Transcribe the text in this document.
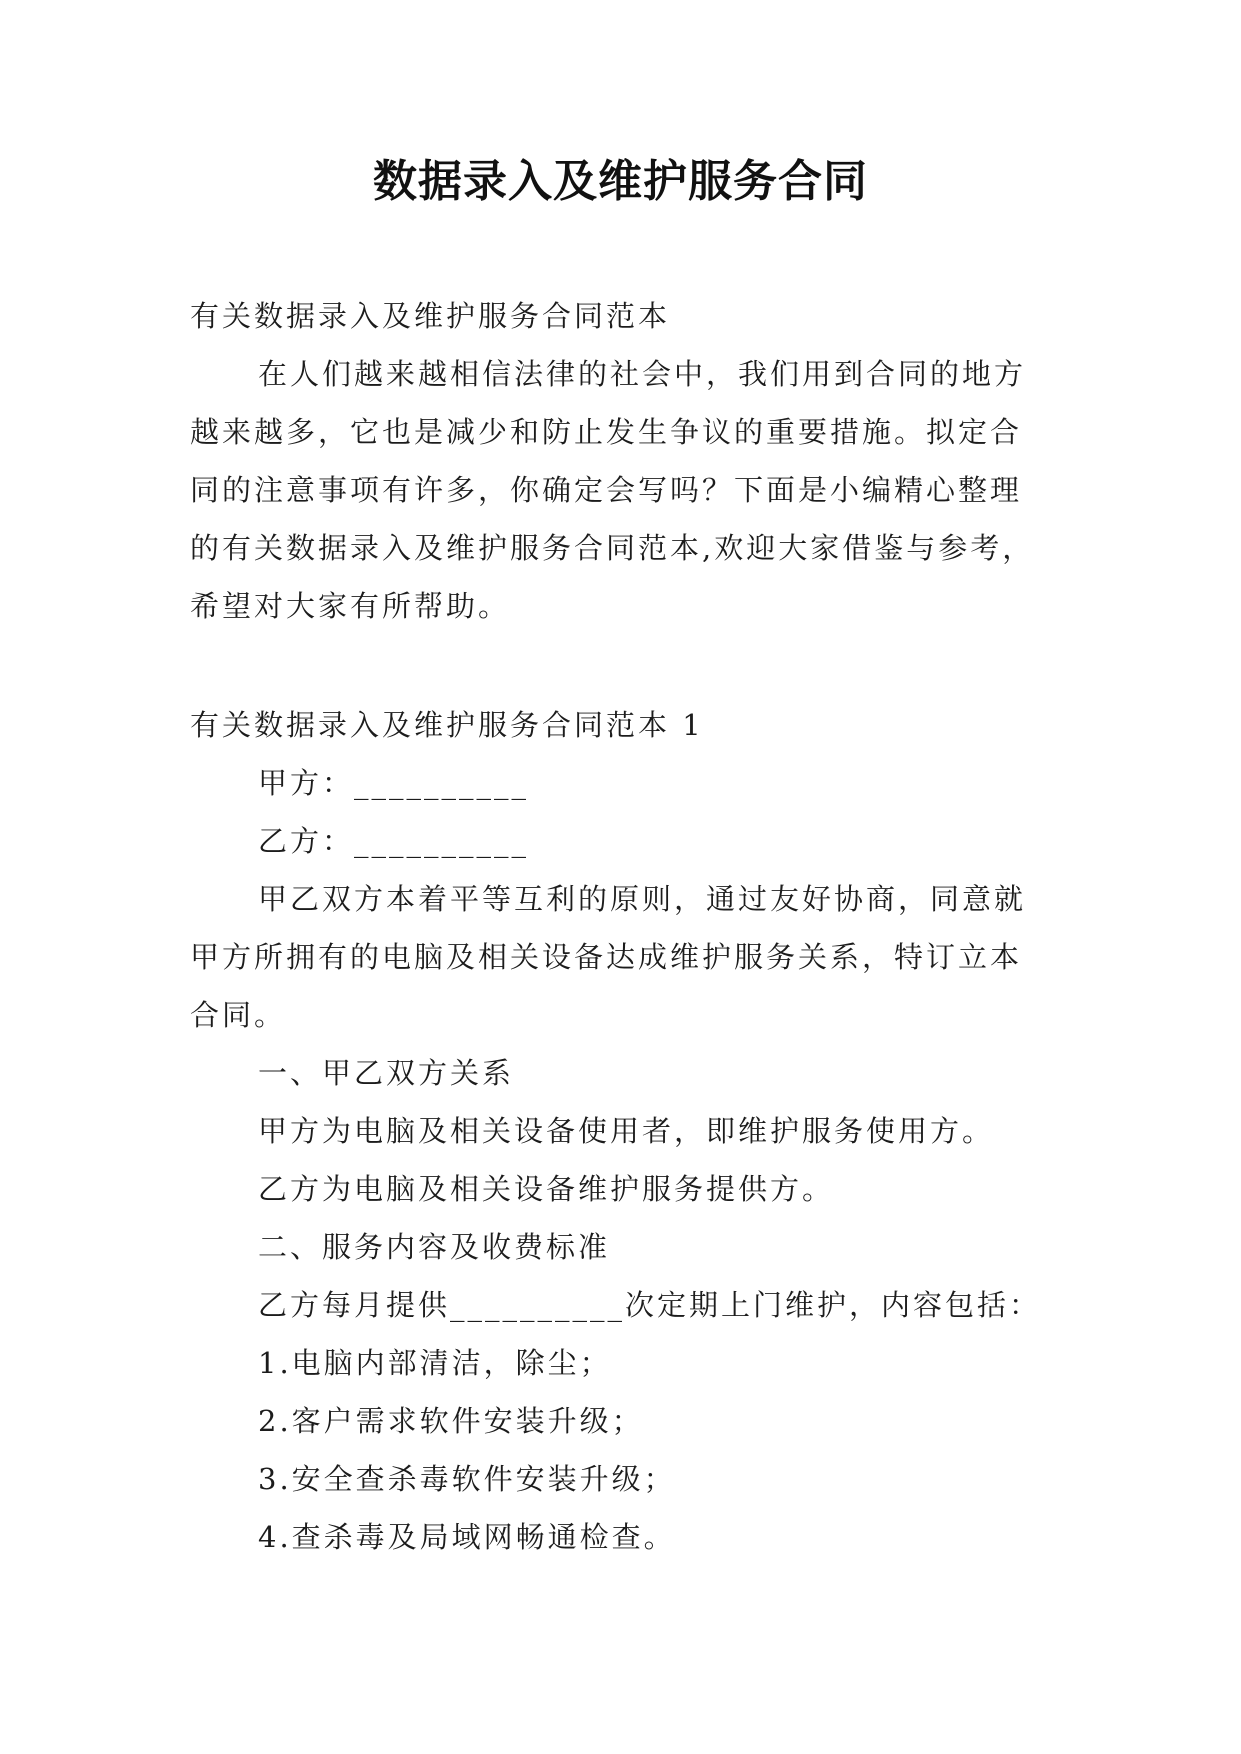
数据录入及维护服务合同
有关数据录入及维护服务合同范本
在人们越来越相信法律的社会中，我们用到合同的地方
越来越多，它也是减少和防止发生争议的重要措施。拟定合
同的注意事项有许多，你确定会写吗？下面是小编精心整理
的有关数据录入及维护服务合同范本,欢迎大家借鉴与参考，
希望对大家有所帮助。
有关数据录入及维护服务合同范本 1
甲方：__________
乙方：__________
甲乙双方本着平等互利的原则，通过友好协商，同意就
甲方所拥有的电脑及相关设备达成维护服务关系，特订立本
合同。
一、甲乙双方关系
甲方为电脑及相关设备使用者，即维护服务使用方。
乙方为电脑及相关设备维护服务提供方。
二、服务内容及收费标准
乙方每月提供__________次定期上门维护，内容包括：
1.电脑内部清洁，除尘；
2.客户需求软件安装升级；
3.安全查杀毒软件安装升级；
4.查杀毒及局域网畅通检查。
